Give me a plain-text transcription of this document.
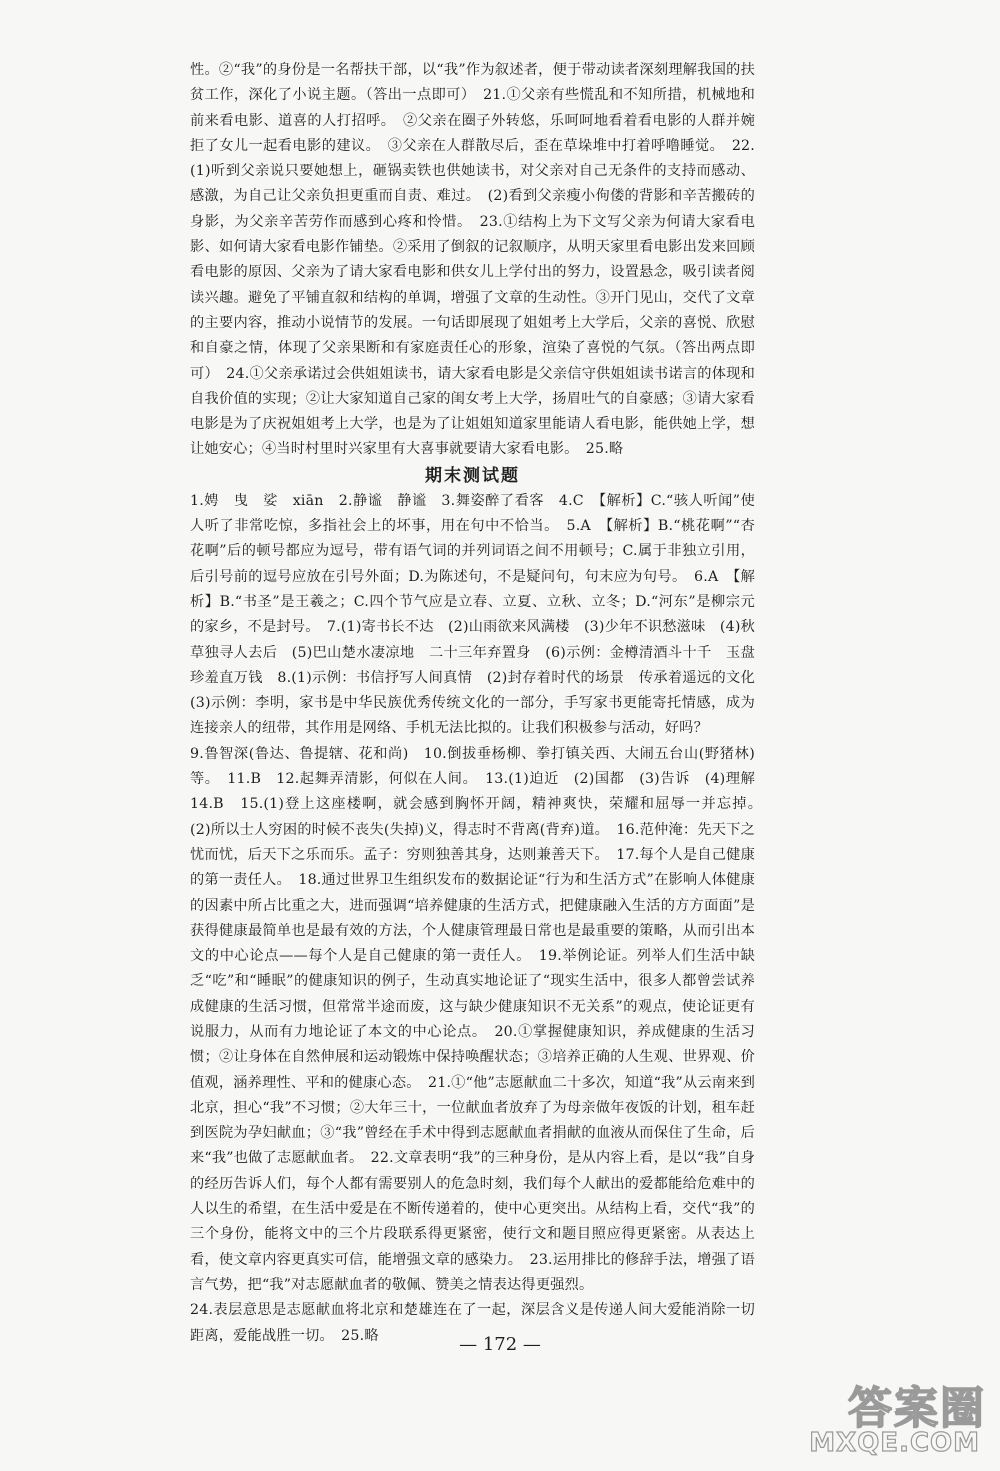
性。②“我”的身份是一名帮扶干部，以“我”作为叙述者，便于带动读者深刻理解我国的扶贫工作，深化了小说主题。（答出一点即可）　21.①父亲有些慌乱和不知所措，机械地和前来看电影、道喜的人打招呼。　②父亲在圈子外转悠，乐呵呵地看着看电影的人群并婉拒了女儿一起看电影的建议。　③父亲在人群散尽后，歪在草垛堆中打着呼噜睡觉。　22.(1)听到父亲说只要她想上，砸锅卖铁也供她读书，对父亲对自己无条件的支持而感动、感激，为自己让父亲负担更重而自责、难过。　(2)看到父亲瘦小佝偻的背影和辛苦搬砖的身影，为父亲辛苦劳作而感到心疼和怜惜。　23.①结构上为下文写父亲为何请大家看电影、如何请大家看电影作铺垫。②采用了倒叙的记叙顺序，从明天家里看电影出发来回顾看电影的原因、父亲为了请大家看电影和供女儿上学付出的努力，设置悬念，吸引读者阅读兴趣。避免了平铺直叙和结构的单调，增强了文章的生动性。③开门见山，交代了文章的主要内容，推动小说情节的发展。一句话即展现了姐姐考上大学后，父亲的喜悦、欣慰和自豪之情，体现了父亲果断和有家庭责任心的形象，渲染了喜悦的气氛。（答出两点即可）　24.①父亲承诺过会供姐姐读书，请大家看电影是父亲信守供姐姐读书诺言的体现和自我价值的实现；②让大家知道自己家的闺女考上大学，扬眉吐气的自豪感；③请大家看电影是为了庆祝姐姐考上大学，也是为了让姐姐知道家里能请人看电影，能供她上学，想让她安心；④当时村里时兴家里有大喜事就要请大家看电影。　25.略

期末测试题

1.娉　曳　娑　xiān　2.静谧　静谧　3.舞姿醉了看客　4.C　【解析】C.“骇人听闻”使人听了非常吃惊，多指社会上的坏事，用在句中不恰当。　5.A　【解析】B.“桃花啊”“杏花啊”后的顿号都应为逗号，带有语气词的并列词语之间不用顿号；C.属于非独立引用，后引号前的逗号应放在引号外面；D.为陈述句，不是疑问句，句末应为句号。　6.A　【解析】B.“书圣”是王羲之；C.四个节气应是立春、立夏、立秋、立冬；D.“河东”是柳宗元的家乡，不是封号。　7.(1)寄书长不达　(2)山雨欲来风满楼　(3)少年不识愁滋味　(4)秋草独寻人去后　(5)巴山楚水凄凉地　二十三年弃置身　(6)示例：金樽清酒斗十千　玉盘珍羞直万钱　8.(1)示例：书信抒写人间真情　(2)封存着时代的场景　传承着遥远的文化　(3)示例：李明，家书是中华民族优秀传统文化的一部分，手写家书更能寄托情感，成为连接亲人的纽带，其作用是网络、手机无法比拟的。让我们积极参与活动，好吗？
9.鲁智深(鲁达、鲁提辖、花和尚)　10.倒拔垂杨柳、拳打镇关西、大闹五台山(野猪林)等。　11.B　12.起舞弄清影，何似在人间。　13.(1)迫近　(2)国都　(3)告诉　(4)理解　14.B　15.(1)登上这座楼啊，就会感到胸怀开阔，精神爽快，荣耀和屈辱一并忘掉。　(2)所以士人穷困的时候不丧失(失掉)义，得志时不背离(背弃)道。　16.范仲淹：先天下之忧而忧，后天下之乐而乐。孟子：穷则独善其身，达则兼善天下。　17.每个人是自己健康的第一责任人。　18.通过世界卫生组织发布的数据论证“行为和生活方式”在影响人体健康的因素中所占比重之大，进而强调“培养健康的生活方式，把健康融入生活的方方面面”是获得健康最简单也是最有效的方法，个人健康管理最日常也是最重要的策略，从而引出本文的中心论点——每个人是自己健康的第一责任人。　19.举例论证。列举人们生活中缺乏“吃”和“睡眠”的健康知识的例子，生动真实地论证了“现实生活中，很多人都曾尝试养成健康的生活习惯，但常常半途而废，这与缺少健康知识不无关系”的观点，使论证更有说服力，从而有力地论证了本文的中心论点。　20.①掌握健康知识，养成健康的生活习惯；②让身体在自然伸展和运动锻炼中保持唤醒状态；③培养正确的人生观、世界观、价值观，涵养理性、平和的健康心态。　21.①“他”志愿献血二十多次，知道“我”从云南来到北京，担心“我”不习惯；②大年三十，一位献血者放弃了为母亲做年夜饭的计划，租车赶到医院为孕妇献血；③“我”曾经在手术中得到志愿献血者捐献的血液从而保住了生命，后来“我”也做了志愿献血者。　22.文章表明“我”的三种身份，是从内容上看，是以“我”自身的经历告诉人们，每个人都有需要别人的危急时刻，我们每个人献出的爱都能给危难中的人以生的希望，在生活中爱是在不断传递着的，使中心更突出。从结构上看，交代“我”的三个身份，能将文中的三个片段联系得更紧密，使行文和题目照应得更紧密。从表达上看，使文章内容更真实可信，能增强文章的感染力。　23.运用排比的修辞手法，增强了语言气势，把“我”对志愿献血者的敬佩、赞美之情表达得更强烈。
24.表层意思是志愿献血将北京和楚雄连在了一起，深层含义是传递人间大爱能消除一切距离，爱能战胜一切。　25.略	— 172 —
答案圈
MXQE.COM
